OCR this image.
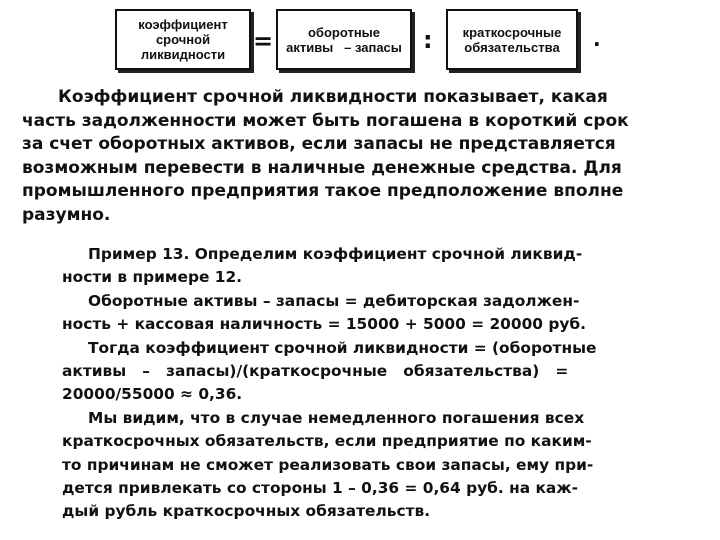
коэффициент
срочной
ликвидности =	оборотные
активы   – запасы : краткосрочные
обязательства .
Коэффициент срочной ликвидности показывает, какая
часть задолженности может быть погашена в короткий срок
за счет оборотных активов, если запасы не представляется
возможным перевести в наличные денежные средства. Для
промышленного предприятия такое предположение вполне
разумно.
Пример 13. Определим коэффициент срочной ликвид-
ности в примере 12.
Оборотные активы – запасы = дебиторская задолжен-
ность + кассовая наличность = 15000 + 5000 = 20000 руб.
Тогда коэффициент срочной ликвидности = (оборотные
активы   –   запасы)/(краткосрочные   обязательства)   =
20000/55000 ≈ 0,36.
Мы видим, что в случае немедленного погашения всех
краткосрочных обязательств, если предприятие по каким-
то причинам не сможет реализовать свои запасы, ему при-
дется привлекать со стороны 1 – 0,36 = 0,64 руб. на каж-
дый рубль краткосрочных обязательств.
